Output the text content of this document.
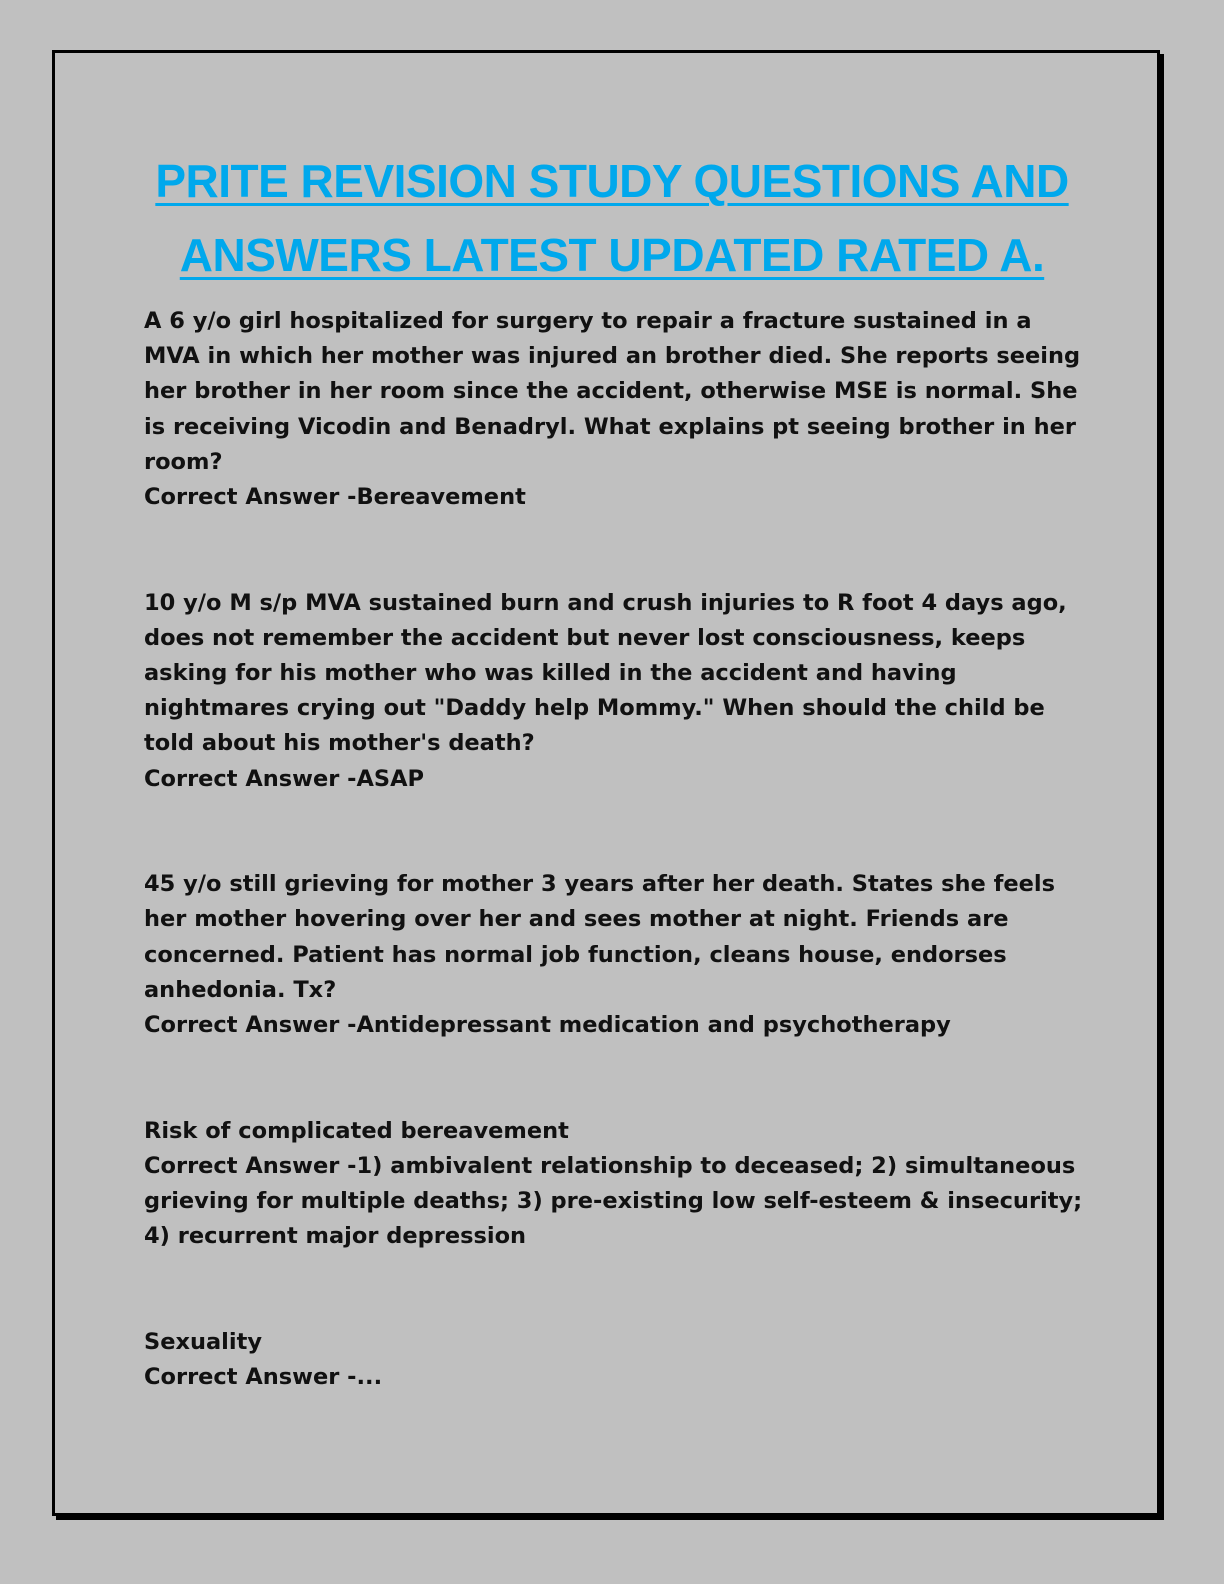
PRITE REVISION STUDY QUESTIONS AND
ANSWERS LATEST UPDATED RATED A.

A 6 y/o girl hospitalized for surgery to repair a fracture sustained in a MVA in which her mother was injured an brother died. She reports seeing her brother in her room since the accident, otherwise MSE is normal. She is receiving Vicodin and Benadryl. What explains pt seeing brother in her room?

Correct Answer -Bereavement

10 y/o M s/p MVA sustained burn and crush injuries to R foot 4 days ago, does not remember the accident but never lost consciousness, keeps asking for his mother who was killed in the accident and having nightmares crying out "Daddy help Mommy." When should the child be told about his mother's death?

Correct Answer -ASAP

45 y/o still grieving for mother 3 years after her death. States she feels her mother hovering over her and sees mother at night. Friends are concerned. Patient has normal job function, cleans house, endorses anhedonia. Tx?

Correct Answer -Antidepressant medication and psychotherapy

Risk of complicated bereavement

Correct Answer -1) ambivalent relationship to deceased; 2) simultaneous grieving for multiple deaths; 3) pre-existing low self-esteem & insecurity; 4) recurrent major depression

Sexuality

Correct Answer -...
